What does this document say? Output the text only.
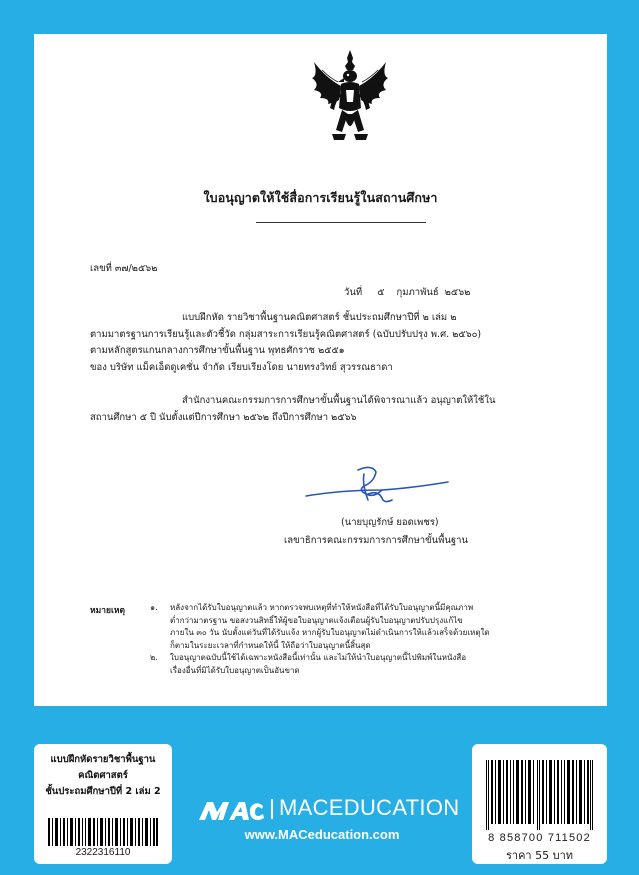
ใบอนุญาตให้ใช้สื่อการเรียนรู้ในสถานศึกษา
เลขที่ ๓๗/๒๕๖๒
วันที่     ๕    กุมภาพันธ์  ๒๕๖๒
แบบฝึกหัด รายวิชาพื้นฐานคณิตศาสตร์ ชั้นประถมศึกษาปีที่ ๒ เล่ม ๒
ตามมาตรฐานการเรียนรู้และตัวชี้วัด กลุ่มสาระการเรียนรู้คณิตศาสตร์ (ฉบับปรับปรุง พ.ศ. ๒๕๖๐)
ตามหลักสูตรแกนกลางการศึกษาขั้นพื้นฐาน พุทธศักราช ๒๕๕๑
ของ บริษัท แม็คเอ็ดดูเคชั่น จำกัด เรียบเรียงโดย นายทรงวิทย์ สุวรรณธาดา
สำนักงานคณะกรรมการการศึกษาขั้นพื้นฐานได้พิจารณาแล้ว อนุญาตให้ใช้ใน
สถานศึกษา ๕ ปี นับตั้งแต่ปีการศึกษา ๒๕๖๒ ถึงปีการศึกษา ๒๕๖๖
(นายบุญรักษ์ ยอดเพชร)
เลขาธิการคณะกรรมการการศึกษาขั้นพื้นฐาน
หมายเหตุ	๑.	หลังจากได้รับใบอนุญาตแล้ว หากตรวจพบเหตุที่ทำให้หนังสือที่ได้รับใบอนุญาตนี้มีคุณภาพ
ต่ำกว่ามาตรฐาน ขอสงวนสิทธิ์ให้ผู้ขอใบอนุญาตแจ้งเตือนผู้รับใบอนุญาตปรับปรุงแก้ไข
ภายใน ๓๐ วัน นับตั้งแต่วันที่ได้รับแจ้ง หากผู้รับใบอนุญาตไม่ดำเนินการให้แล้วเสร็จด้วยเหตุใด
ก็ตามในระยะเวลาที่กำหนดให้นี้ ให้ถือว่าใบอนุญาตนี้สิ้นสุด
๒.	ใบอนุญาตฉบับนี้ใช้ได้เฉพาะหนังสือนี้เท่านั้น และไม่ให้นำใบอนุญาตนี้ไปพิมพ์ในหนังสือ
เรื่องอื่นที่มิได้รับใบอนุญาตเป็นอันขาด
แบบฝึกหัดรายวิชาพื้นฐาน
คณิตศาสตร์
ชั้นประถมศึกษาปีที่ 2 เล่ม 2
2322316110
MACEDUCATION
www.MACeducation.com	8 858700 711502
ราคา 55 บาท
